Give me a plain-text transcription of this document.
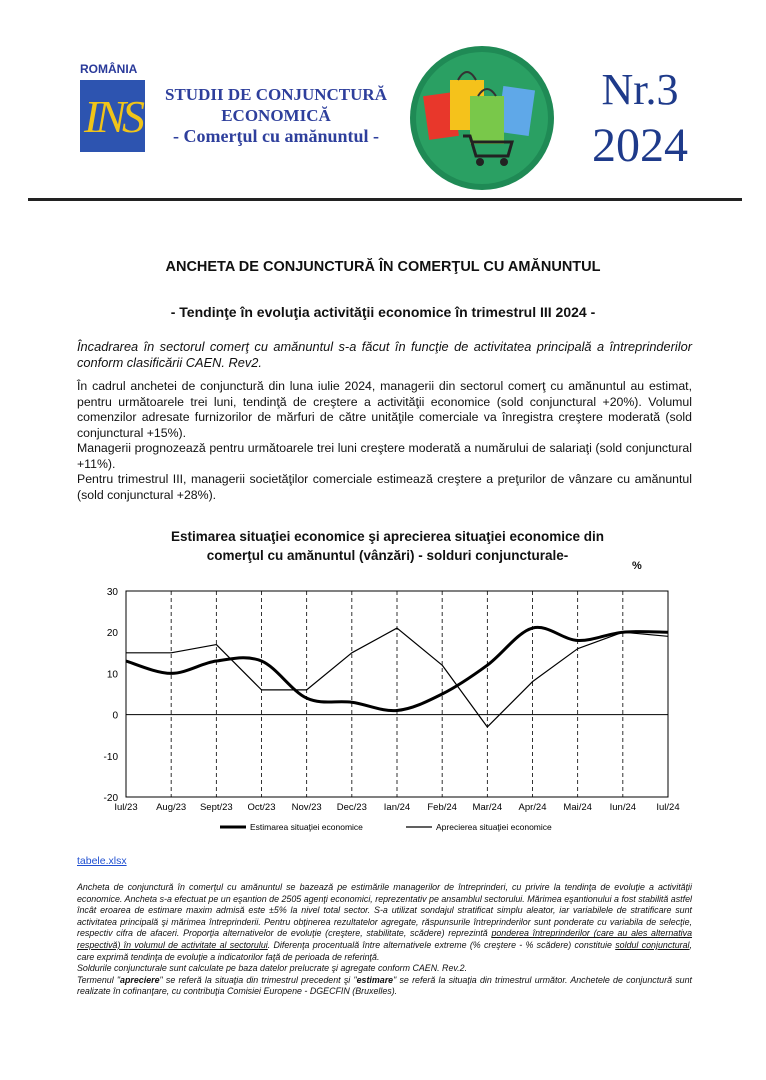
ROMÂNIA
INS	STUDII DE CONJUNCTURĂ
ECONOMICĂ
- Comerţul cu amănuntul -
Nr.3
2024
ANCHETA DE CONJUNCTURĂ ÎN COMERŢUL CU AMĂNUNTUL
- Tendinţe în evoluţia activităţii economice în trimestrul III 2024 -
Încadrarea în sectorul comerţ cu amănuntul s-a făcut în funcţie de activitatea principală a întreprinderilor conform clasificării CAEN. Rev2.

În cadrul anchetei de conjunctură din luna iulie 2024, managerii din sectorul comerţ cu amănuntul au estimat, pentru următoarele trei luni, tendinţă de creştere a activităţii economice (sold conjunctural +20%). Volumul comenzilor adresate furnizorilor de mărfuri de către unităţile comerciale va înregistra creştere moderată (sold conjunctural +15%).

Managerii prognozează pentru următoarele trei luni creştere moderată a numărului de salariaţi (sold conjunctural +11%).

Pentru trimestrul III, managerii societăţilor comerciale estimează creştere a preţurilor de vânzare cu amănuntul (sold conjunctural +28%).

Estimarea situaţiei economice şi aprecierea situaţiei economice din comerţul cu amănuntul (vânzări) - solduri conjuncturale-
%
30
20
10
0
-10
-20
Iul/23 Aug/23 Sept/23 Oct/23 Nov/23 Dec/23 Ian/24 Feb/24 Mar/24 Apr/24 Mai/24 Iun/24 Iul/24
Estimarea situaţiei economice	Aprecierea situaţiei economice
tabele.xlsx

Ancheta de conjunctură în comerţul cu amănuntul se bazează pe estimările managerilor de întreprinderi, cu privire la tendinţa de evoluţie a activităţii economice. Ancheta s-a efectuat pe un eşantion de 2505 agenţi economici, reprezentativ pe ansamblul sectorului. Mărimea eşantionului a fost stabilită astfel încât eroarea de estimare maxim admisă este ±5% la nivel total sector. S-a utilizat sondajul stratificat simplu aleator, iar variabilele de stratificare sunt activitatea principală şi mărimea întreprinderii. Pentru obţinerea rezultatelor agregate, răspunsurile întreprinderilor sunt ponderate cu variabila de selecţie, respectiv cifra de afaceri. Proporţia alternativelor de evoluţie (creştere, stabilitate, scădere) reprezintă ponderea întreprinderilor (care au ales alternativa respectivă) în volumul de activitate al sectorului. Diferenţa procentuală între alternativele extreme (% creştere - % scădere) constituie soldul conjunctural, care exprimă tendinţa de evoluţie a indicatorilor faţă de perioada de referinţă.

Soldurile conjuncturale sunt calculate pe baza datelor prelucrate şi agregate conform CAEN. Rev.2.

Termenul "apreciere" se referă la situaţia din trimestrul precedent şi "estimare" se referă la situaţia din trimestrul următor. Anchetele de conjunctură sunt realizate în cofinanţare, cu contribuţia Comisiei Europene - DGECFIN (Bruxelles).
